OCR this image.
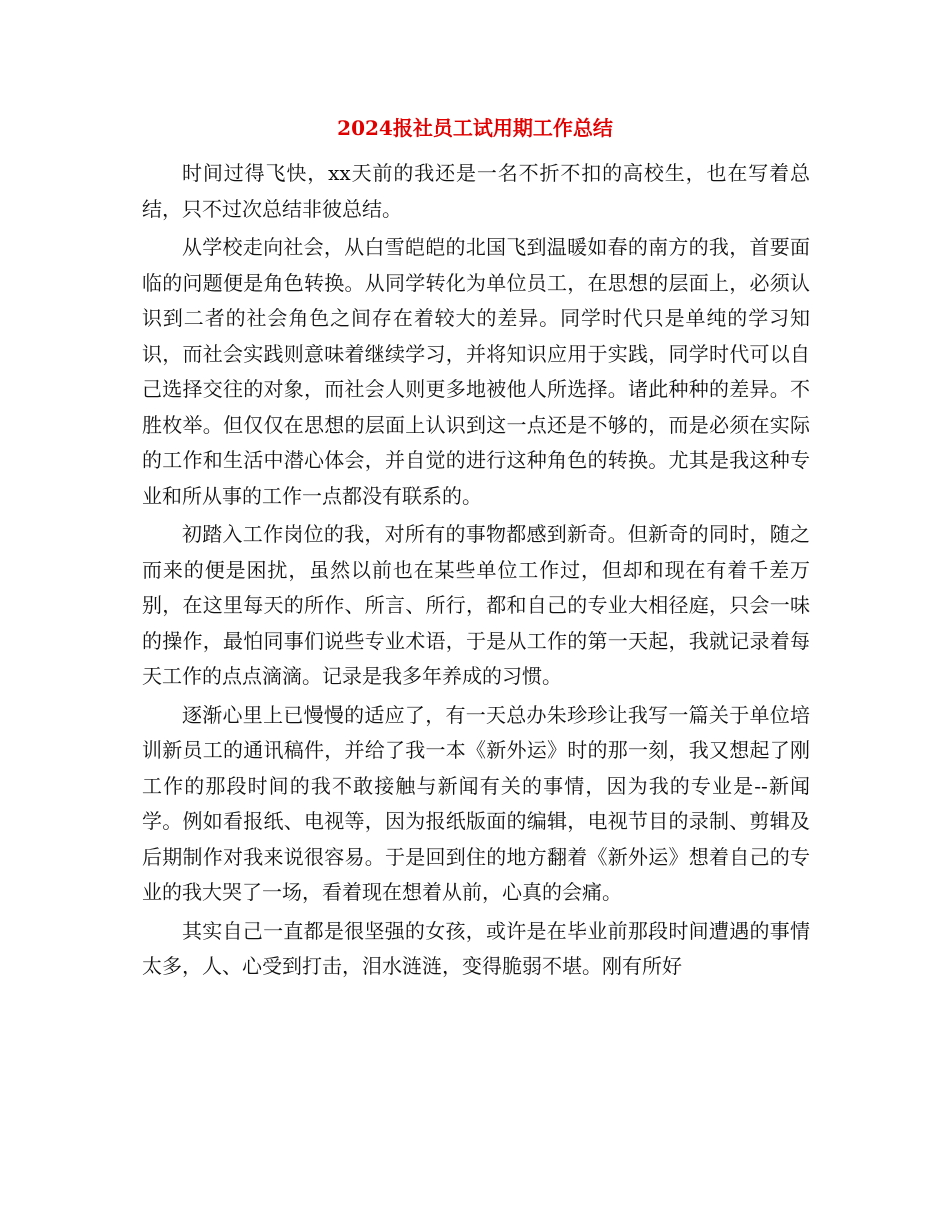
2024报社员工试用期工作总结

时间过得飞快，xx天前的我还是一名不折不扣的高校生，也在写着总结，只不过次总结非彼总结。

从学校走向社会，从白雪皑皑的北国飞到温暖如春的南方的我，首要面临的问题便是角色转换。从同学转化为单位员工，在思想的层面上，必须认识到二者的社会角色之间存在着较大的差异。同学时代只是单纯的学习知识，而社会实践则意味着继续学习，并将知识应用于实践，同学时代可以自己选择交往的对象，而社会人则更多地被他人所选择。诸此种种的差异。不胜枚举。但仅仅在思想的层面上认识到这一点还是不够的，而是必须在实际的工作和生活中潜心体会，并自觉的进行这种角色的转换。尤其是我这种专业和所从事的工作一点都没有联系的。

初踏入工作岗位的我，对所有的事物都感到新奇。但新奇的同时，随之而来的便是困扰，虽然以前也在某些单位工作过，但却和现在有着千差万别，在这里每天的所作、所言、所行，都和自己的专业大相径庭，只会一味的操作，最怕同事们说些专业术语，于是从工作的第一天起，我就记录着每天工作的点点滴滴。记录是我多年养成的习惯。

逐渐心里上已慢慢的适应了，有一天总办朱珍珍让我写一篇关于单位培训新员工的通讯稿件，并给了我一本《新外运》时的那一刻，我又想起了刚工作的那段时间的我不敢接触与新闻有关的事情，因为我的专业是--新闻学。例如看报纸、电视等，因为报纸版面的编辑，电视节目的录制、剪辑及后期制作对我来说很容易。于是回到住的地方翻着《新外运》想着自己的专业的我大哭了一场，看着现在想着从前，心真的会痛。

其实自己一直都是很坚强的女孩，或许是在毕业前那段时间遭遇的事情太多，人、心受到打击，泪水涟涟，变得脆弱不堪。刚有所好
